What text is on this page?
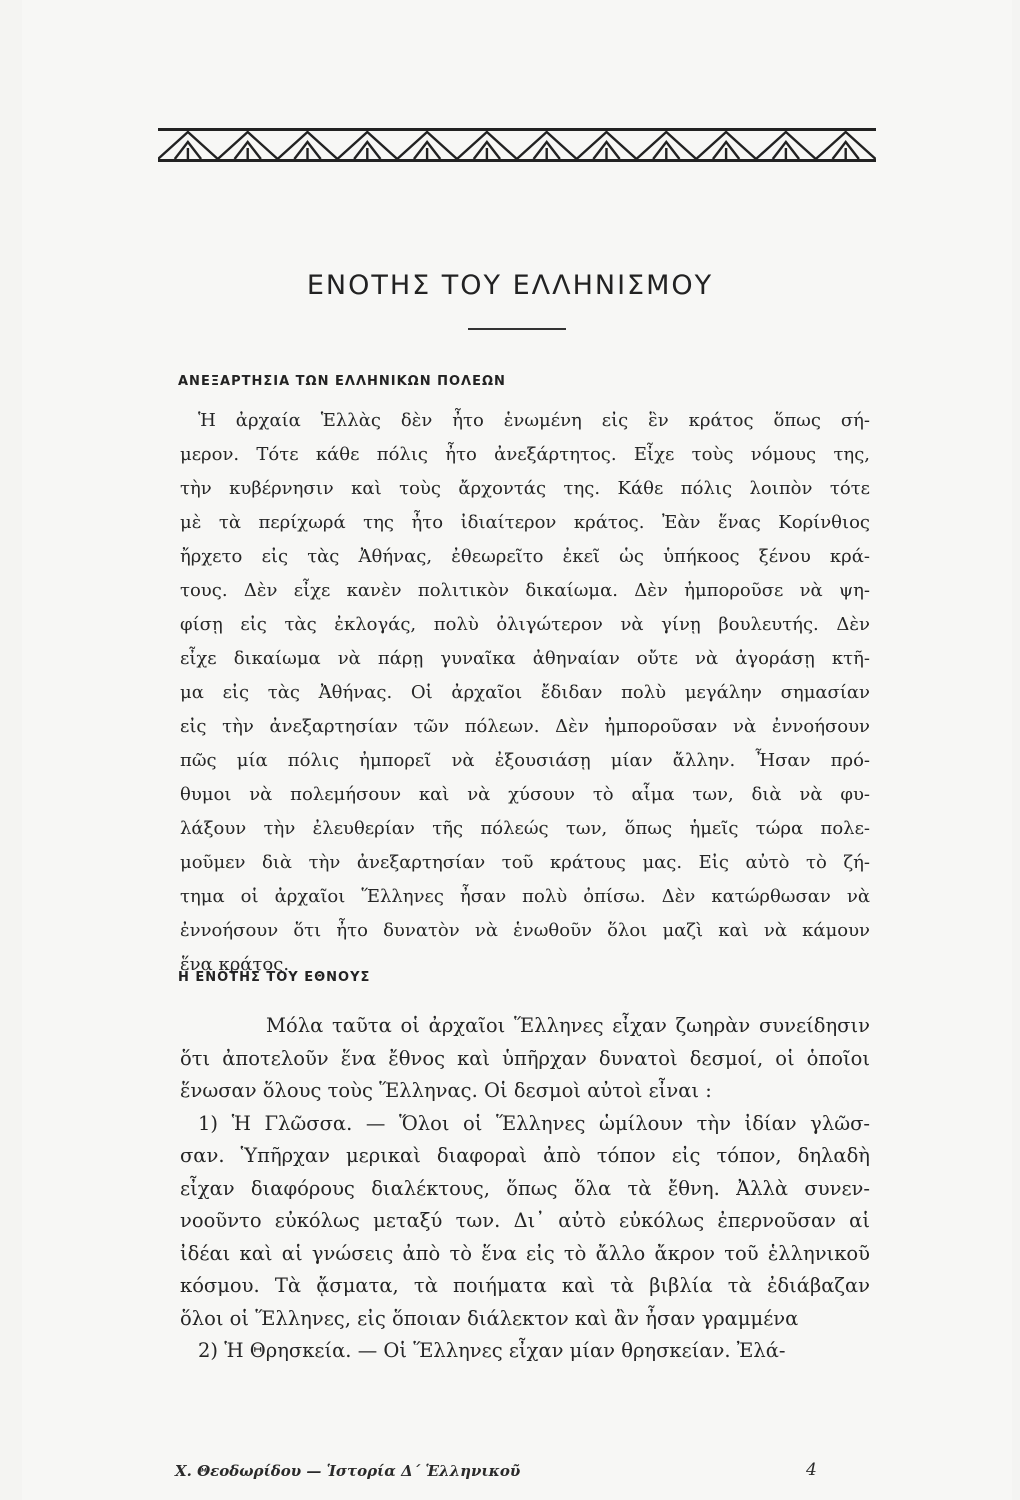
ΕΝΟΤΗΣ ΤΟΥ ΕΛΛΗΝΙΣΜΟΥ
ΑΝΕΞΑΡΤΗΣΙΑ ΤΩΝ ΕΛΛΗΝΙΚΩΝ ΠΟΛΕΩΝ
Ἡ ἀρχαία Ἑλλὰς δὲν ἦτο ἑνωμένη εἰς ἓν κράτος ὅπως σή-
μερον. Τότε κάθε πόλις ἦτο ἀνεξάρτητος. Εἶχε τοὺς νόμους της,
τὴν κυβέρνησιν καὶ τοὺς ἄρχοντάς της. Κάθε πόλις λοιπὸν τότε
μὲ τὰ περίχωρά της ἦτο ἰδιαίτερον κράτος. Ἐὰν ἕνας Κορίνθιος
ἤρχετο εἰς τὰς Ἀθήνας, ἐθεωρεῖτο ἐκεῖ ὡς ὑπήκοος ξένου κρά-
τους. Δὲν εἶχε κανὲν πολιτικὸν δικαίωμα. Δὲν ἠμποροῦσε νὰ ψη-
φίσῃ εἰς τὰς ἐκλογάς, πολὺ ὀλιγώτερον νὰ γίνῃ βουλευτής. Δὲν
εἶχε δικαίωμα νὰ πάρῃ γυναῖκα ἀθηναίαν οὔτε νὰ ἀγοράσῃ κτῆ-
μα εἰς τὰς Ἀθήνας. Οἱ ἀρχαῖοι ἔδιδαν πολὺ μεγάλην σημασίαν
εἰς τὴν ἀνεξαρτησίαν τῶν πόλεων. Δὲν ἠμποροῦσαν νὰ ἐννοήσουν
πῶς μία πόλις ἠμπορεῖ νὰ ἐξουσιάσῃ μίαν ἄλλην. Ἦσαν πρό-
θυμοι νὰ πολεμήσουν καὶ νὰ χύσουν τὸ αἷμα των, διὰ νὰ φυ-
λάξουν τὴν ἐλευθερίαν τῆς πόλεώς των, ὅπως ἡμεῖς τώρα πολε-
μοῦμεν διὰ τὴν ἀνεξαρτησίαν τοῦ κράτους μας. Εἰς αὐτὸ τὸ ζή-
τημα οἱ ἀρχαῖοι Ἕλληνες ἦσαν πολὺ ὀπίσω. Δὲν κατώρθωσαν νὰ
ἐννοήσουν ὅτι ἦτο δυνατὸν νὰ ἑνωθοῦν ὅλοι μαζὶ καὶ νὰ κάμουν
ἕνα κράτος.
Η ΕΝΟΤΗΣ ΤΟΥ ΕΘΝΟΥΣ
Μόλα ταῦτα οἱ ἀρχαῖοι Ἕλληνες εἶχαν ζωηρὰν συνείδησιν
ὅτι ἀποτελοῦν ἕνα ἔθνος καὶ ὑπῆρχαν δυνατοὶ δεσμοί, οἱ ὁποῖοι
ἕνωσαν ὅλους τοὺς Ἕλληνας. Οἱ δεσμοὶ αὐτοὶ εἶναι :
1) Ἡ Γλῶσσα. — Ὅλοι οἱ Ἕλληνες ὡμίλουν τὴν ἰδίαν γλῶσ-
σαν. Ὑπῆρχαν μερικαὶ διαφοραὶ ἀπὸ τόπον εἰς τόπον, δηλαδὴ
εἶχαν διαφόρους διαλέκτους, ὅπως ὅλα τὰ ἔθνη. Ἀλλὰ συνεν-
νοοῦντο εὐκόλως μεταξύ των. Δι᾿ αὐτὸ εὐκόλως ἐπερνοῦσαν αἱ
ἰδέαι καὶ αἱ γνώσεις ἀπὸ τὸ ἕνα εἰς τὸ ἄλλο ἄκρον τοῦ ἑλληνικοῦ
κόσμου. Τὰ ᾄσματα, τὰ ποιήματα καὶ τὰ βιβλία τὰ ἐδιάβαζαν
ὅλοι οἱ Ἕλληνες, εἰς ὅποιαν διάλεκτον καὶ ἂν ἦσαν γραμμένα
2) Ἡ Θρησκεία. — Οἱ Ἕλληνες εἶχαν μίαν θρησκείαν. Ἐλά-
Χ. Θεοδωρίδου — Ἱστορία Δ΄ Ἑλληνικοῦ	4
